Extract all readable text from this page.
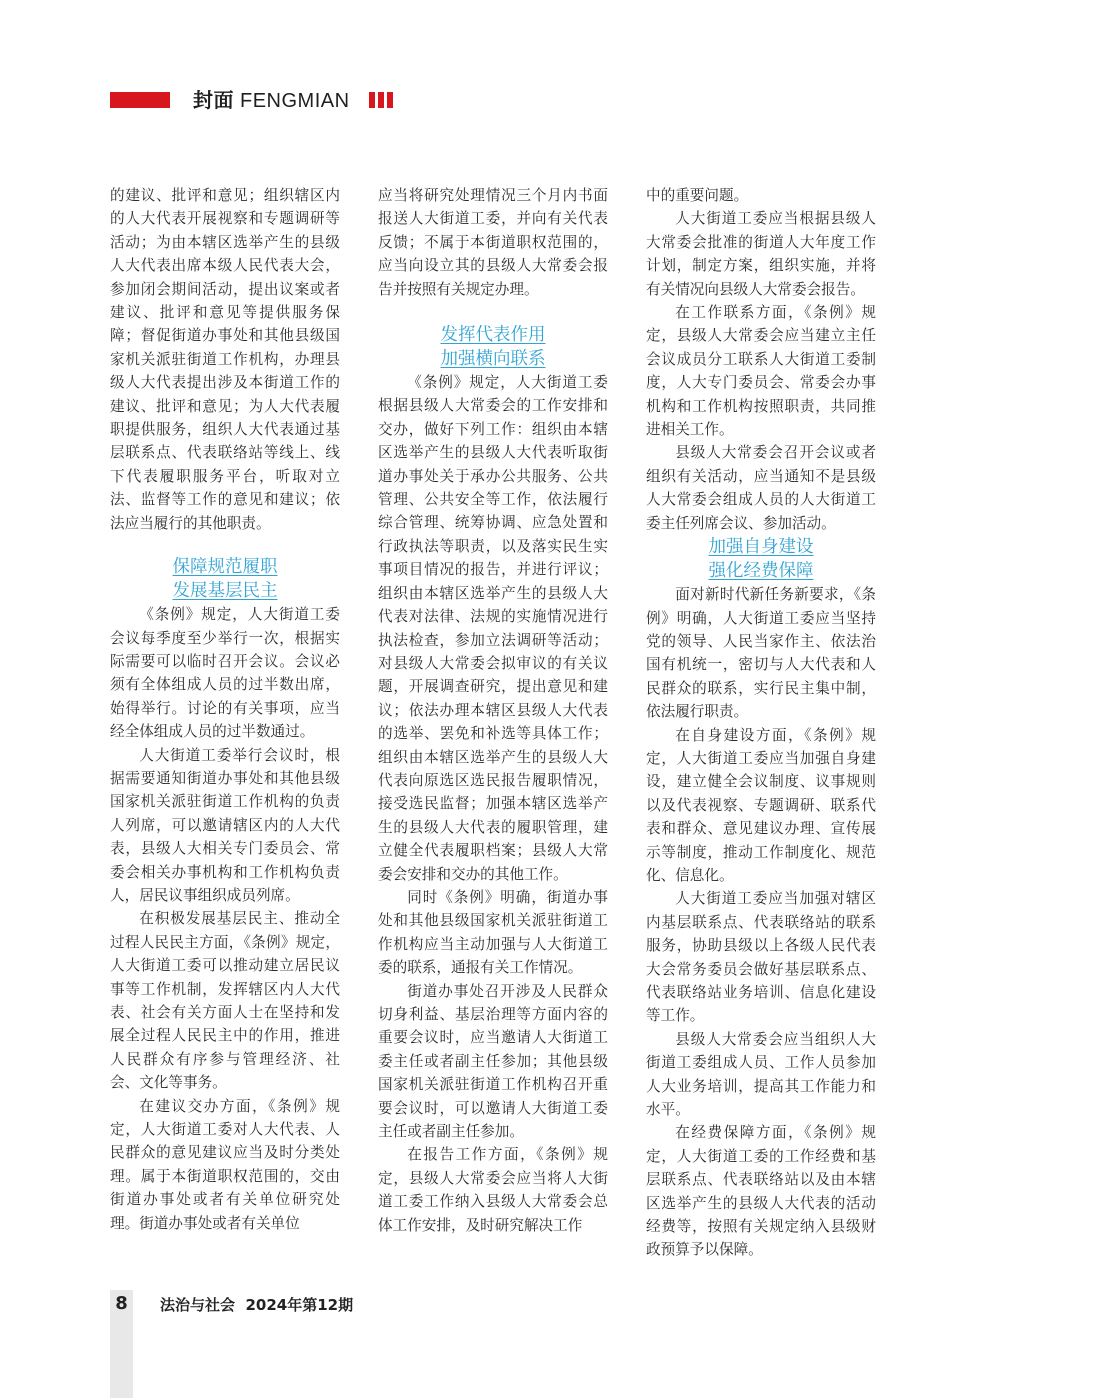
封面 FENGMIAN

的建议、批评和意见；组织辖区内的人大代表开展视察和专题调研等活动；为由本辖区选举产生的县级人大代表出席本级人民代表大会，参加闭会期间活动，提出议案或者建议、批评和意见等提供服务保障；督促街道办事处和其他县级国家机关派驻街道工作机构，办理县级人大代表提出涉及本街道工作的建议、批评和意见；为人大代表履职提供服务，组织人大代表通过基层联系点、代表联络站等线上、线下代表履职服务平台，听取对立法、监督等工作的意见和建议；依法应当履行的其他职责。

保障规范履职
发展基层民主

《条例》规定，人大街道工委会议每季度至少举行一次，根据实际需要可以临时召开会议。会议必须有全体组成人员的过半数出席，始得举行。讨论的有关事项，应当经全体组成人员的过半数通过。

人大街道工委举行会议时，根据需要通知街道办事处和其他县级国家机关派驻街道工作机构的负责人列席，可以邀请辖区内的人大代表，县级人大相关专门委员会、常委会相关办事机构和工作机构负责人，居民议事组织成员列席。

在积极发展基层民主、推动全过程人民民主方面，《条例》规定，人大街道工委可以推动建立居民议事等工作机制，发挥辖区内人大代表、社会有关方面人士在坚持和发展全过程人民民主中的作用，推进人民群众有序参与管理经济、社会、文化等事务。

在建议交办方面，《条例》规定，人大街道工委对人大代表、人民群众的意见建议应当及时分类处理。属于本街道职权范围的，交由街道办事处或者有关单位研究处理。街道办事处或者有关单位

应当将研究处理情况三个月内书面报送人大街道工委，并向有关代表反馈；不属于本街道职权范围的，应当向设立其的县级人大常委会报告并按照有关规定办理。

发挥代表作用
加强横向联系

《条例》规定，人大街道工委根据县级人大常委会的工作安排和交办，做好下列工作：组织由本辖区选举产生的县级人大代表听取街道办事处关于承办公共服务、公共管理、公共安全等工作，依法履行综合管理、统筹协调、应急处置和行政执法等职责，以及落实民生实事项目情况的报告，并进行评议；组织由本辖区选举产生的县级人大代表对法律、法规的实施情况进行执法检查，参加立法调研等活动；对县级人大常委会拟审议的有关议题，开展调查研究，提出意见和建议；依法办理本辖区县级人大代表的选举、罢免和补选等具体工作；组织由本辖区选举产生的县级人大代表向原选区选民报告履职情况，接受选民监督；加强本辖区选举产生的县级人大代表的履职管理，建立健全代表履职档案；县级人大常委会安排和交办的其他工作。

同时《条例》明确，街道办事处和其他县级国家机关派驻街道工作机构应当主动加强与人大街道工委的联系，通报有关工作情况。

街道办事处召开涉及人民群众切身利益、基层治理等方面内容的重要会议时，应当邀请人大街道工委主任或者副主任参加；其他县级国家机关派驻街道工作机构召开重要会议时，可以邀请人大街道工委主任或者副主任参加。

在报告工作方面，《条例》规定，县级人大常委会应当将人大街道工委工作纳入县级人大常委会总体工作安排，及时研究解决工作

中的重要问题。

人大街道工委应当根据县级人大常委会批准的街道人大年度工作计划，制定方案，组织实施，并将有关情况向县级人大常委会报告。

在工作联系方面，《条例》规定，县级人大常委会应当建立主任会议成员分工联系人大街道工委制度，人大专门委员会、常委会办事机构和工作机构按照职责，共同推进相关工作。

县级人大常委会召开会议或者组织有关活动，应当通知不是县级人大常委会组成人员的人大街道工委主任列席会议、参加活动。

加强自身建设
强化经费保障

面对新时代新任务新要求，《条例》明确，人大街道工委应当坚持党的领导、人民当家作主、依法治国有机统一，密切与人大代表和人民群众的联系，实行民主集中制，依法履行职责。

在自身建设方面，《条例》规定，人大街道工委应当加强自身建设，建立健全会议制度、议事规则以及代表视察、专题调研、联系代表和群众、意见建议办理、宣传展示等制度，推动工作制度化、规范化、信息化。

人大街道工委应当加强对辖区内基层联系点、代表联络站的联系服务，协助县级以上各级人民代表大会常务委员会做好基层联系点、代表联络站业务培训、信息化建设等工作。

县级人大常委会应当组织人大街道工委组成人员、工作人员参加人大业务培训，提高其工作能力和水平。

在经费保障方面，《条例》规定，人大街道工委的工作经费和基层联系点、代表联络站以及由本辖区选举产生的县级人大代表的活动经费等，按照有关规定纳入县级财政预算予以保障。

8	法治与社会 2024年第12期
